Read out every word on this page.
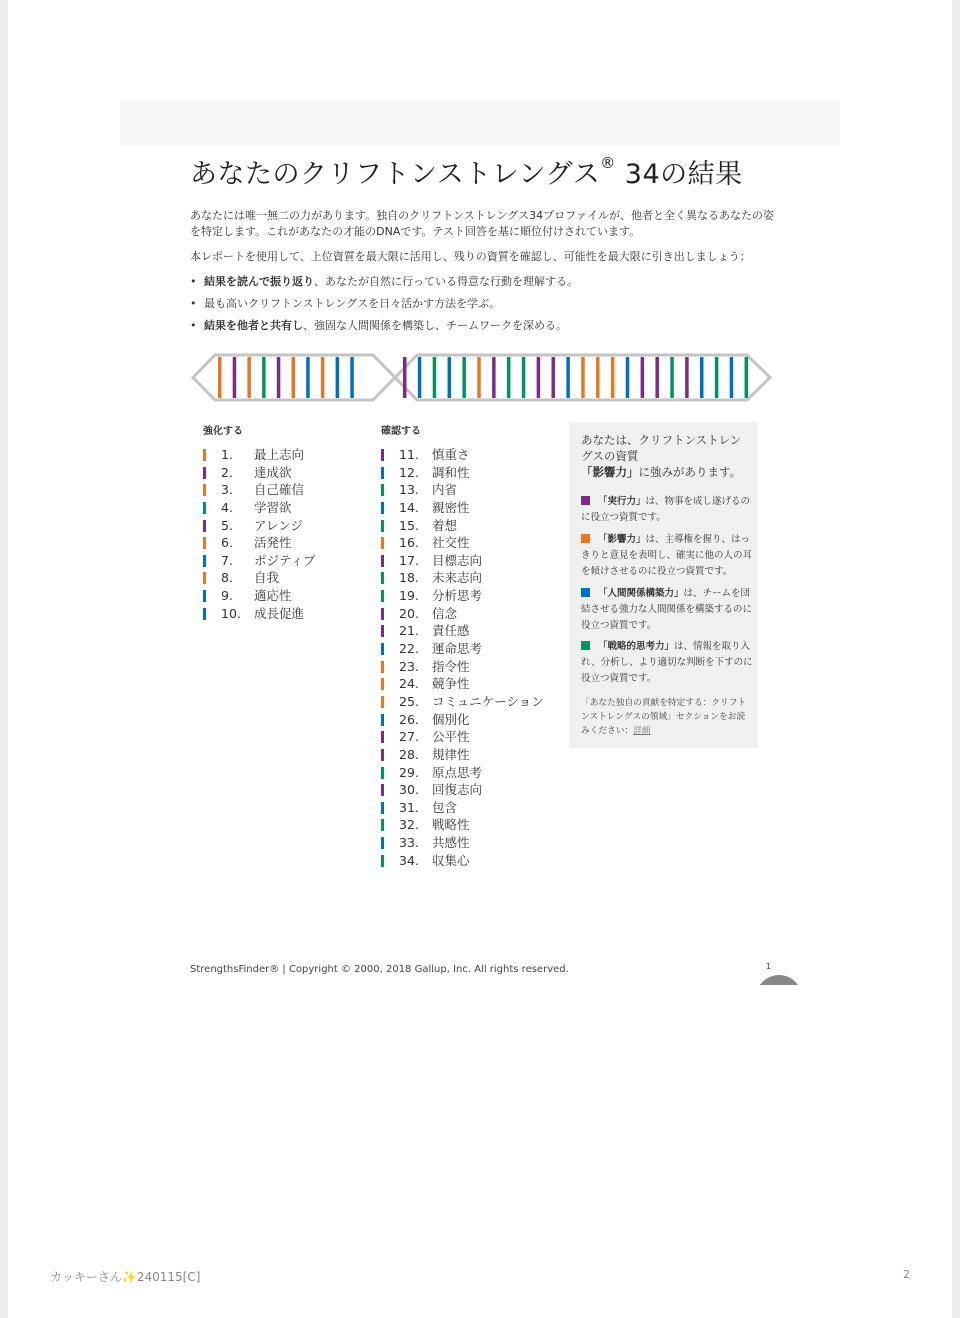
あなたのクリフトンストレングス® 34の結果

あなたには唯一無二の力があります。独自のクリフトンストレングス34プロファイルが、他者と全く異なるあなたの姿を特定します。これがあなたの才能のDNAです。テスト回答を基に順位付けされています。

本レポートを使用して、上位資質を最大限に活用し、残りの資質を確認し、可能性を最大限に引き出しましょう：

• 結果を読んで振り返り、あなたが自然に行っている得意な行動を理解する。
• 最も高いクリフトンストレングスを日々活かす方法を学ぶ。
• 結果を他者と共有し、強固な人間関係を構築し、チームワークを深める。
強化する	確認する
1. 最上志向
2. 達成欲
3. 自己確信
4. 学習欲
5. アレンジ
6. 活発性
7. ポジティブ
8. 自我
9. 適応性
10. 成長促進
11. 慎重さ
12. 調和性
13. 内省
14. 親密性
15. 着想
16. 社交性
17. 目標志向
18. 未来志向
19. 分析思考
20. 信念
21. 責任感
22. 運命思考
23. 指令性
24. 競争性
25. コミュニケーション
26. 個別化
27. 公平性
28. 規律性
29. 原点思考
30. 回復志向
31. 包含
32. 戦略性
33. 共感性
34. 収集心
あなたは、クリフトンストレングスの資質
「影響力」に強みがあります。
「実行力」は、物事を成し遂げるのに役立つ資質です。
「影響力」は、主導権を握り、はっきりと意見を表明し、確実に他の人の耳を傾けさせるのに役立つ資質です。
「人間関係構築力」は、チームを団結させる強力な人間関係を構築するのに役立つ資質です。
「戦略的思考力」は、情報を取り入れ、分析し、より適切な判断を下すのに役立つ資質です。
「あなた独自の貢献を特定する：クリフトンストレングスの領域」セクションをお読みください：詳細
StrengthsFinder® | Copyright © 2000, 2018 Gallup, Inc. All rights reserved.	1
カッキーさん✨240115[C]	2
